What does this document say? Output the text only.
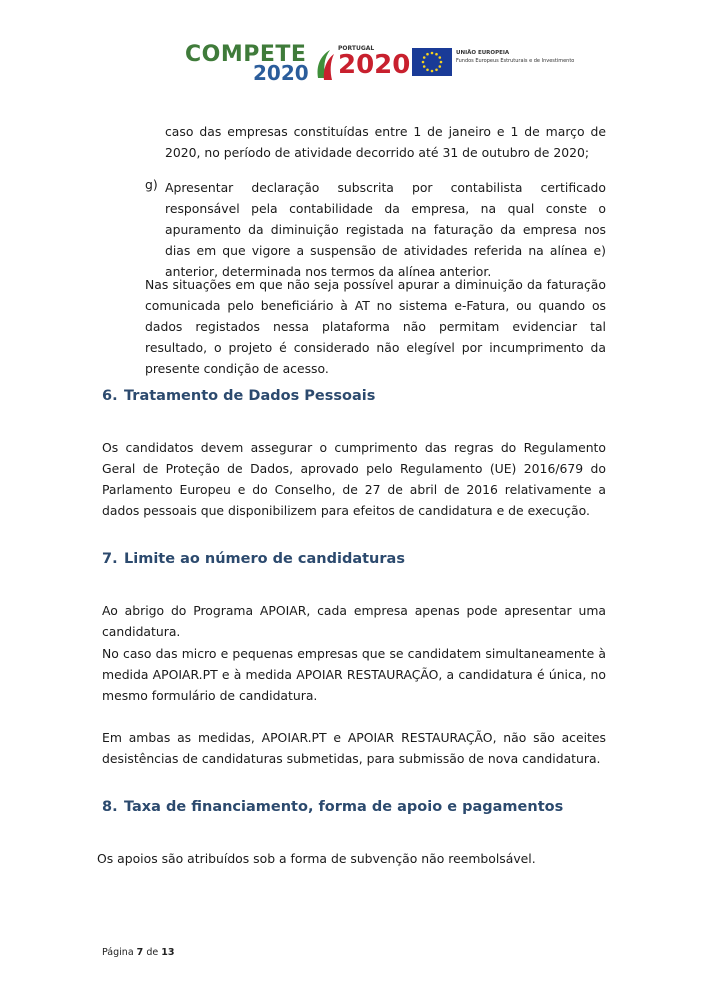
COMPETE
2020
PORTUGAL
2020	UNIÃO EUROPEIA
Fundos Europeus Estruturais e de Investimento

caso das empresas constituídas entre 1 de janeiro e 1 de março de 2020, no período de atividade decorrido até 31 de outubro de 2020;

g) Apresentar declaração subscrita por contabilista certificado responsável pela contabilidade da empresa, na qual conste o apuramento da diminuição registada na faturação da empresa nos dias em que vigore a suspensão de atividades referida na alínea e) anterior, determinada nos termos da alínea anterior.

Nas situações em que não seja possível apurar a diminuição da faturação comunicada pelo beneficiário à AT no sistema e-Fatura, ou quando os dados registados nessa plataforma não permitam evidenciar tal resultado, o projeto é considerado não elegível por incumprimento da presente condição de acesso.

6. Tratamento de Dados Pessoais

Os candidatos devem assegurar o cumprimento das regras do Regulamento Geral de Proteção de Dados, aprovado pelo Regulamento (UE) 2016/679 do Parlamento Europeu e do Conselho, de 27 de abril de 2016 relativamente a dados pessoais que disponibilizem para efeitos de candidatura e de execução.

7. Limite ao número de candidaturas

Ao abrigo do Programa APOIAR, cada empresa apenas pode apresentar uma candidatura.

No caso das micro e pequenas empresas que se candidatem simultaneamente à medida APOIAR.PT e à medida APOIAR RESTAURAÇÃO, a candidatura é única, no mesmo formulário de candidatura.

Em ambas as medidas, APOIAR.PT e APOIAR RESTAURAÇÃO, não são aceites desistências de candidaturas submetidas, para submissão de nova candidatura.

8. Taxa de financiamento, forma de apoio e pagamentos

Os apoios são atribuídos sob a forma de subvenção não reembolsável.

Página 7 de 13
